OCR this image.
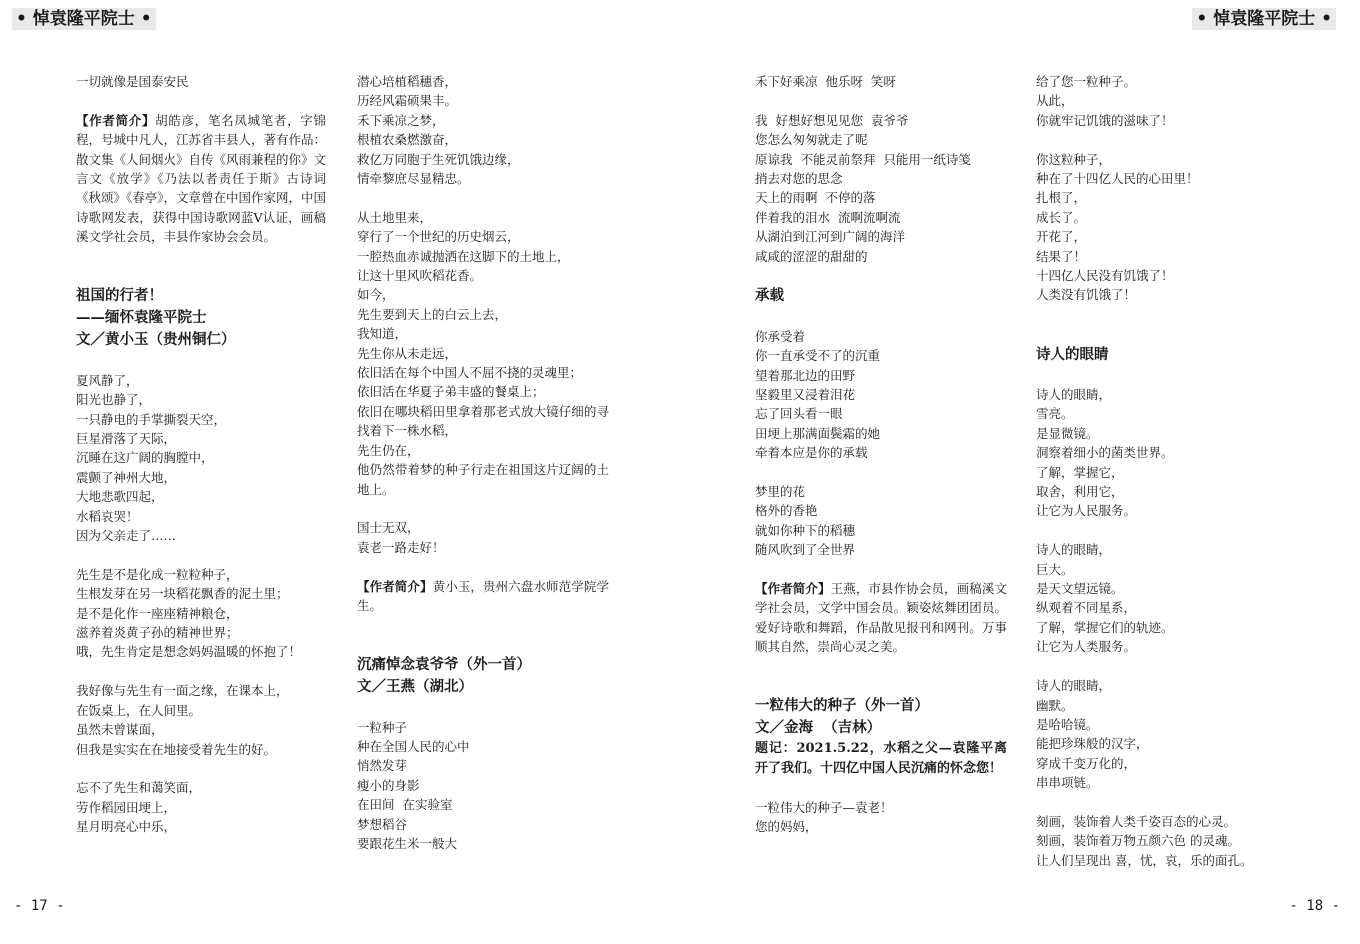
• 悼袁隆平院士 •	• 悼袁隆平院士 •

一切就像是国泰安民

【作者简介】胡皓彦，笔名凤城笔者，字锦程，号城中凡人，江苏省丰县人，著有作品：散文集《人间烟火》自传《风雨兼程的你》文言文《放学》《乃法以者责任于斯》古诗词《秋颂》《春亭》，文章曾在中国作家网，中国诗歌网发表，获得中国诗歌网蓝Ⅴ认证，画稿溪文学社会员，丰县作家协会会员。

祖国的行者！

——缅怀袁隆平院士

文／黄小玉（贵州铜仁）

夏风静了，

阳光也静了，

一只静电的手掌撕裂天空，

巨星滑落了天际，

沉睡在这广阔的胸膛中，

震颤了神州大地，

大地悲歌四起，

水稻哀哭！

因为父亲走了……

先生是不是化成一粒粒种子，

生根发芽在另一块稻花飘香的泥土里；

是不是化作一座座精神粮仓，

滋养着炎黄子孙的精神世界；

哦，先生肯定是想念妈妈温暖的怀抱了！

我好像与先生有一面之缘，在课本上，

在饭桌上，在人间里。

虽然未曾谋面，

但我是实实在在地接受着先生的好。

忘不了先生和蔼笑面，

劳作稻园田埂上，

星月明亮心中乐，

潜心培植稻穗香，

历经风霜硕果丰。

禾下乘凉之梦，

根植农桑燃激奋，

救亿万同胞于生死饥饿边缘，

情牵黎庶尽显精忠。

从土地里来，

穿行了一个世纪的历史烟云，

一腔热血赤诚抛洒在这脚下的土地上，

让这十里风吹稻花香。

如今，

先生要到天上的白云上去，

我知道，

先生你从未走远，

依旧活在每个中国人不屈不挠的灵魂里；

依旧活在华夏子弟丰盛的餐桌上；

依旧在哪块稻田里拿着那老式放大镜仔细的寻找着下一株水稻，

先生仍在，

他仍然带着梦的种子行走在祖国这片辽阔的土地上。

国士无双，

袁老一路走好！

【作者简介】黄小玉，贵州六盘水师范学院学生。

沉痛悼念袁爷爷（外一首）

文／王燕（湖北）

一粒种子

种在全国人民的心中

悄然发芽

瘦小的身影

在田间  在实验室

梦想稻谷

要跟花生米一般大

禾下好乘凉  他乐呀  笑呀

我  好想好想见见您  袁爷爷

您怎么匆匆就走了呢

原谅我  不能灵前祭拜  只能用一纸诗笺

捎去对您的思念

天上的雨啊  不停的落

伴着我的泪水  流啊流啊流

从湖泊到江河到广阔的海洋

咸咸的涩涩的甜甜的

承载

你承受着

你一直承受不了的沉重

望着那北边的田野

坚毅里又浸着泪花

忘了回头看一眼

田埂上那满面鬓霜的她

牵着本应是你的承载

梦里的花

格外的香艳

就如你种下的稻穗

随风吹到了全世界

【作者简介】王燕，市县作协会员，画稿溪文学社会员，文学中国会员。颖姿炫舞团团员。爱好诗歌和舞蹈，作品散见报刊和网刊。万事顺其自然，崇尚心灵之美。

一粒伟大的种子（外一首）

文／金海  （吉林）

题记：2021.5.22，水稻之父—袁隆平离开了我们。十四亿中国人民沉痛的怀念您！

一粒伟大的种子—袁老！

您的妈妈，

给了您一粒种子。

从此，

你就牢记饥饿的滋味了！

你这粒种子，

种在了十四亿人民的心田里！

扎根了，

成长了。

开花了，

结果了！

十四亿人民没有饥饿了！

人类没有饥饿了！

诗人的眼睛

诗人的眼睛，

雪亮。

是显微镜。

洞察着细小的菌类世界。

了解，掌握它，

取舍，利用它，

让它为人民服务。

诗人的眼睛，

巨大。

是天文望远镜。

纵观着不同星系，

了解，掌握它们的轨迹。

让它为人类服务。

诗人的眼睛，

幽默。

是哈哈镜。

能把珍珠般的汉字，

穿成千变万化的，

串串项链。

刻画，装饰着人类千姿百态的心灵。

刻画，装饰着万物五颜六色 的灵魂。

让人们呈现出 喜，忧，哀，乐的面孔。

- 17 -	- 18 -
